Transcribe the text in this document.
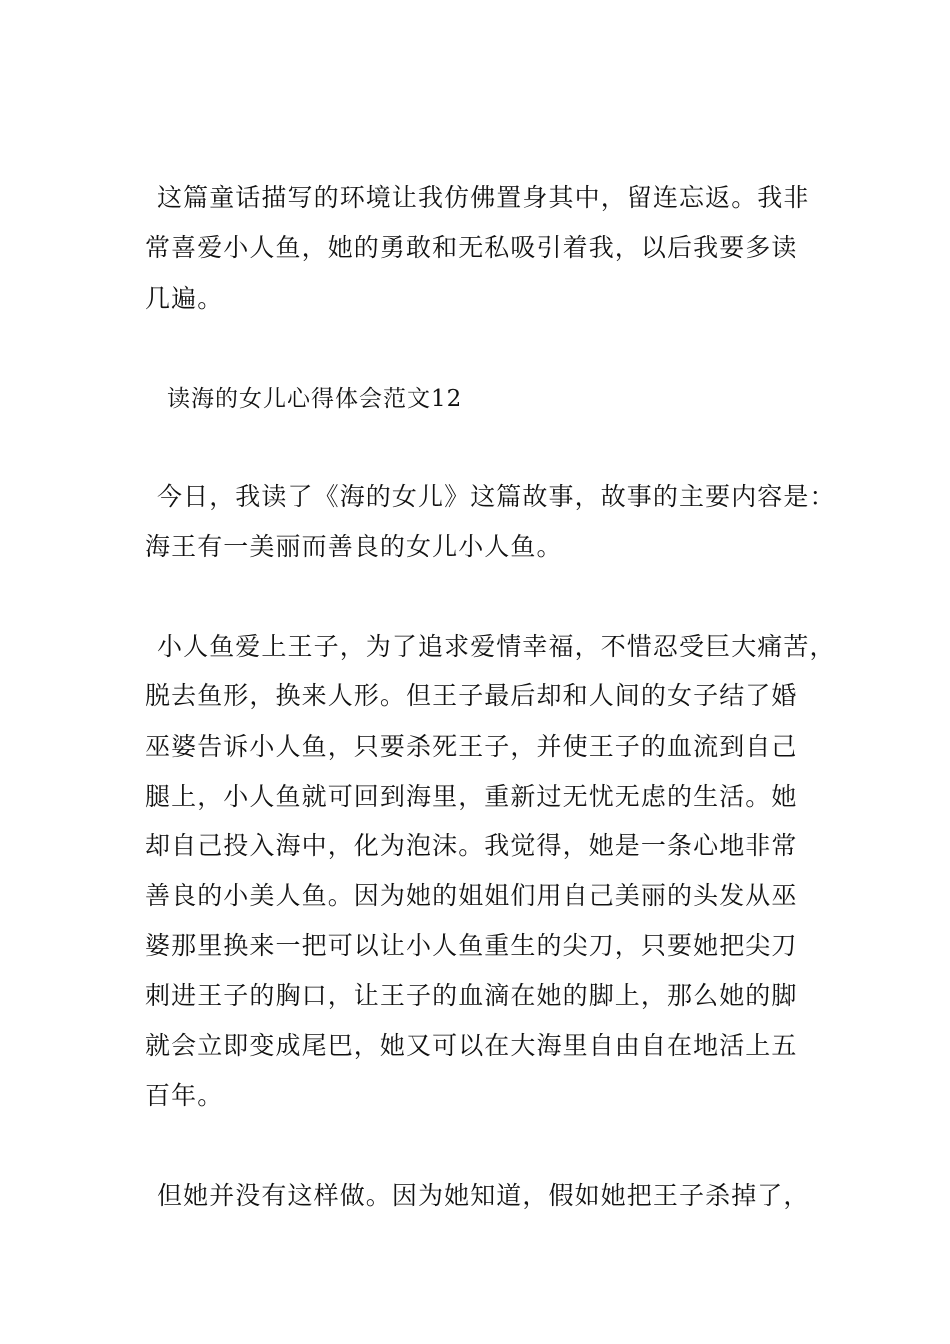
这篇童话描写的环境让我仿佛置身其中，留连忘返。我非
常喜爱小人鱼，她的勇敢和无私吸引着我，以后我要多读
几遍。
读海的女儿心得体会范文12
今日，我读了《海的女儿》这篇故事，故事的主要内容是：
海王有一美丽而善良的女儿小人鱼。
小人鱼爱上王子，为了追求爱情幸福，不惜忍受巨大痛苦，
脱去鱼形，换来人形。但王子最后却和人间的女子结了婚
巫婆告诉小人鱼，只要杀死王子，并使王子的血流到自己
腿上，小人鱼就可回到海里，重新过无忧无虑的生活。她
却自己投入海中，化为泡沫。我觉得，她是一条心地非常
善良的小美人鱼。因为她的姐姐们用自己美丽的头发从巫
婆那里换来一把可以让小人鱼重生的尖刀，只要她把尖刀
刺进王子的胸口，让王子的血滴在她的脚上，那么她的脚
就会立即变成尾巴，她又可以在大海里自由自在地活上五
百年。
但她并没有这样做。因为她知道，假如她把王子杀掉了，
